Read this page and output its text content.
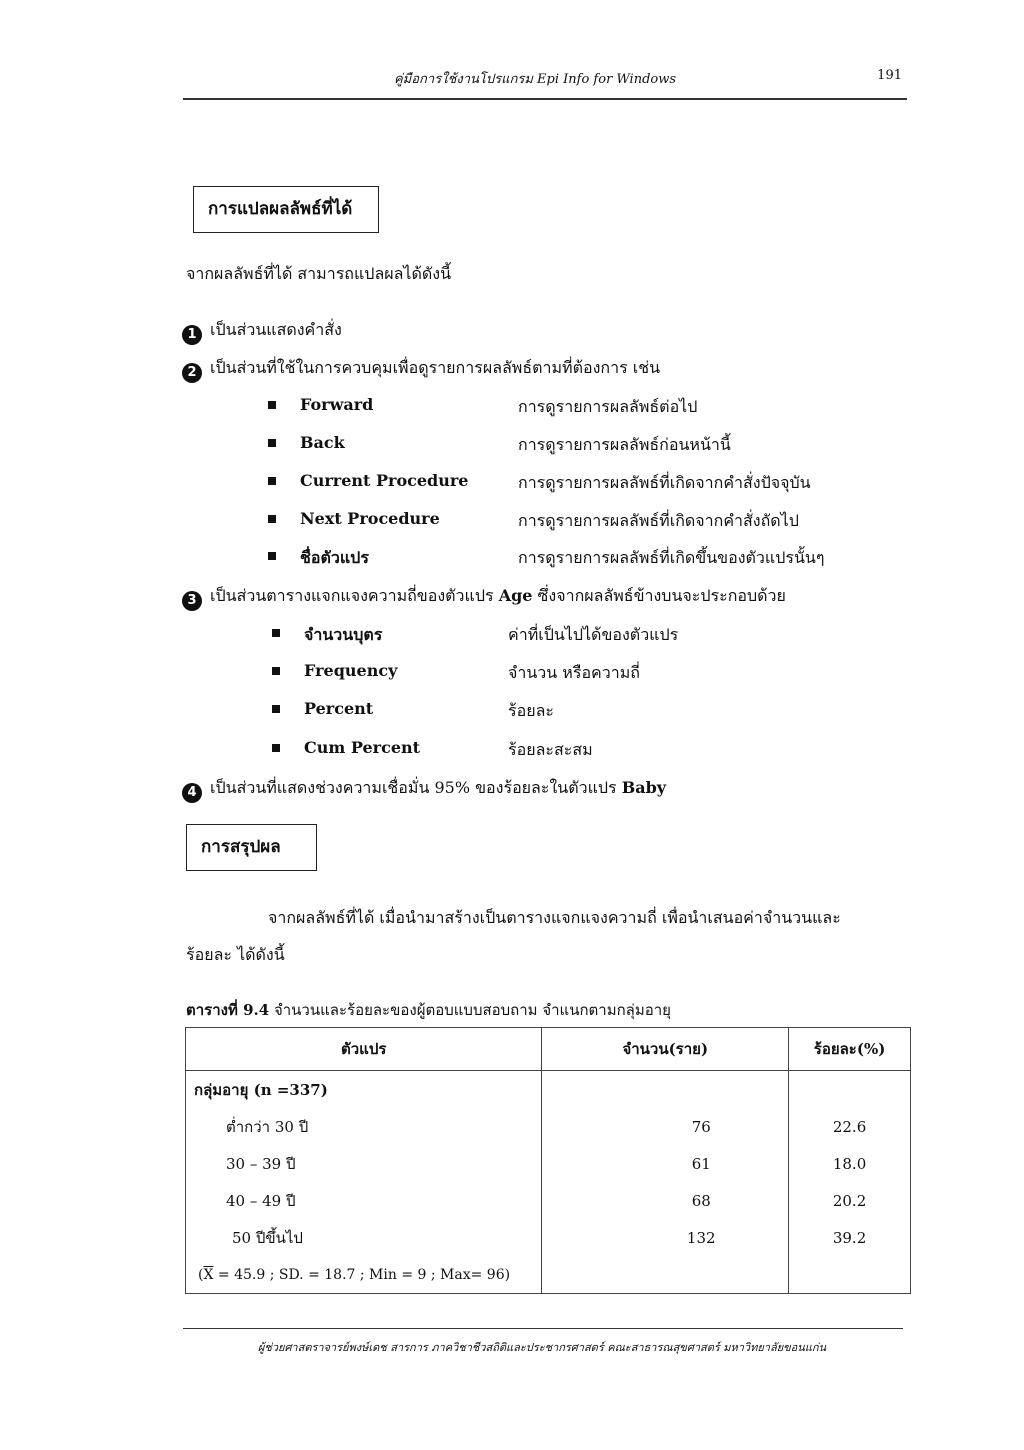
คู่มือการใช้งานโปรแกรม Epi Info for Windows	191
การแปลผลลัพธ์ที่ได้
จากผลลัพธ์ที่ได้ สามารถแปลผลได้ดังนี้
1 เป็นส่วนแสดงคำสั่ง
2 เป็นส่วนที่ใช้ในการควบคุมเพื่อดูรายการผลลัพธ์ตามที่ต้องการ เช่น
Forward	การดูรายการผลลัพธ์ต่อไป
Back	การดูรายการผลลัพธ์ก่อนหน้านี้
Current Procedure	การดูรายการผลลัพธ์ที่เกิดจากคำสั่งปัจจุบัน
Next Procedure	การดูรายการผลลัพธ์ที่เกิดจากคำสั่งถัดไป
ชื่อตัวแปร	การดูรายการผลลัพธ์ที่เกิดขึ้นของตัวแปรนั้นๆ
3 เป็นส่วนตารางแจกแจงความถี่ของตัวแปร Age ซึ่งจากผลลัพธ์ข้างบนจะประกอบด้วย
จำนวนบุตร	ค่าที่เป็นไปได้ของตัวแปร
Frequency	จำนวน หรือความถี่
Percent	ร้อยละ
Cum Percent	ร้อยละสะสม
4 เป็นส่วนที่แสดงช่วงความเชื่อมั่น 95% ของร้อยละในตัวแปร Baby
การสรุปผล
จากผลลัพธ์ที่ได้ เมื่อนำมาสร้างเป็นตารางแจกแจงความถี่ เพื่อนำเสนอค่าจำนวนและ
ร้อยละ ได้ดังนี้
ตารางที่ 9.4 จำนวนและร้อยละของผู้ตอบแบบสอบถาม จำแนกตามกลุ่มอายุ
ตัวแปร	จำนวน(ราย)	ร้อยละ(%)
กลุ่มอายุ (n =337)		
ต่ำกว่า 30 ปี	76	22.6
30 – 39 ปี	61	18.0
40 – 49 ปี	68	20.2
50 ปีขึ้นไป	132	39.2
($\overline{X} = 45.9$ ; SD. = 18.7 ; Min = 9 ; Max= 96)		
ผู้ช่วยศาสตราจารย์พงษ์เดช สารการ ภาควิชาชีวสถิติและประชากรศาสตร์ คณะสาธารณสุขศาสตร์ มหาวิทยาลัยขอนแก่น
